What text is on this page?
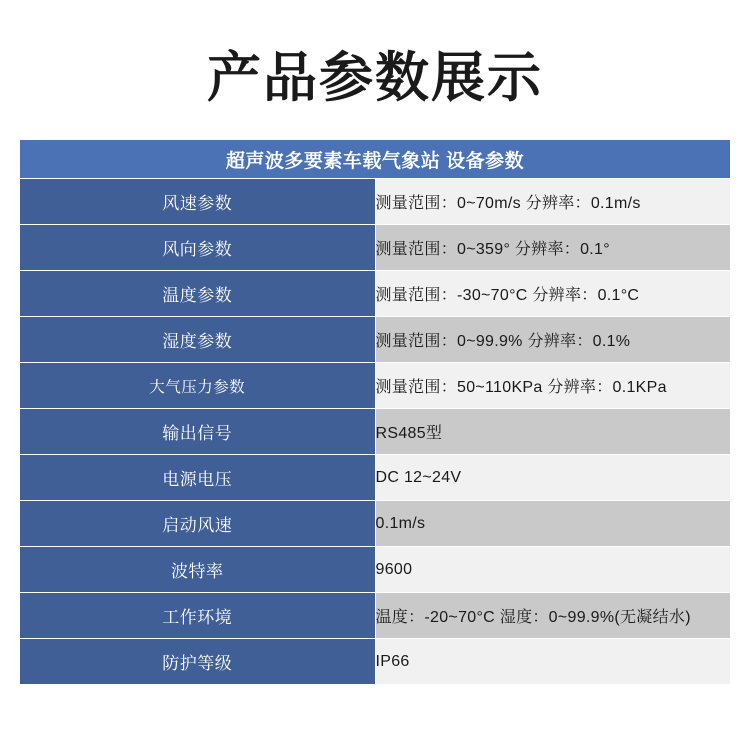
产品参数展示
超声波多要素车载气象站 设备参数	
风速参数	测量范围：0~70m/s 分辨率：0.1m/s

风向参数	测量范围：0~359° 分辨率：0.1°

温度参数	测量范围：-30~70°C 分辨率：0.1°C

湿度参数	测量范围：0~99.9% 分辨率：0.1%

大气压力参数	测量范围：50~110KPa 分辨率：0.1KPa

输出信号	RS485型

电源电压	DC 12~24V

启动风速	0.1m/s

波特率	9600

工作环境	温度：-20~70°C 湿度：0~99.9%(无凝结水)

防护等级	IP66
